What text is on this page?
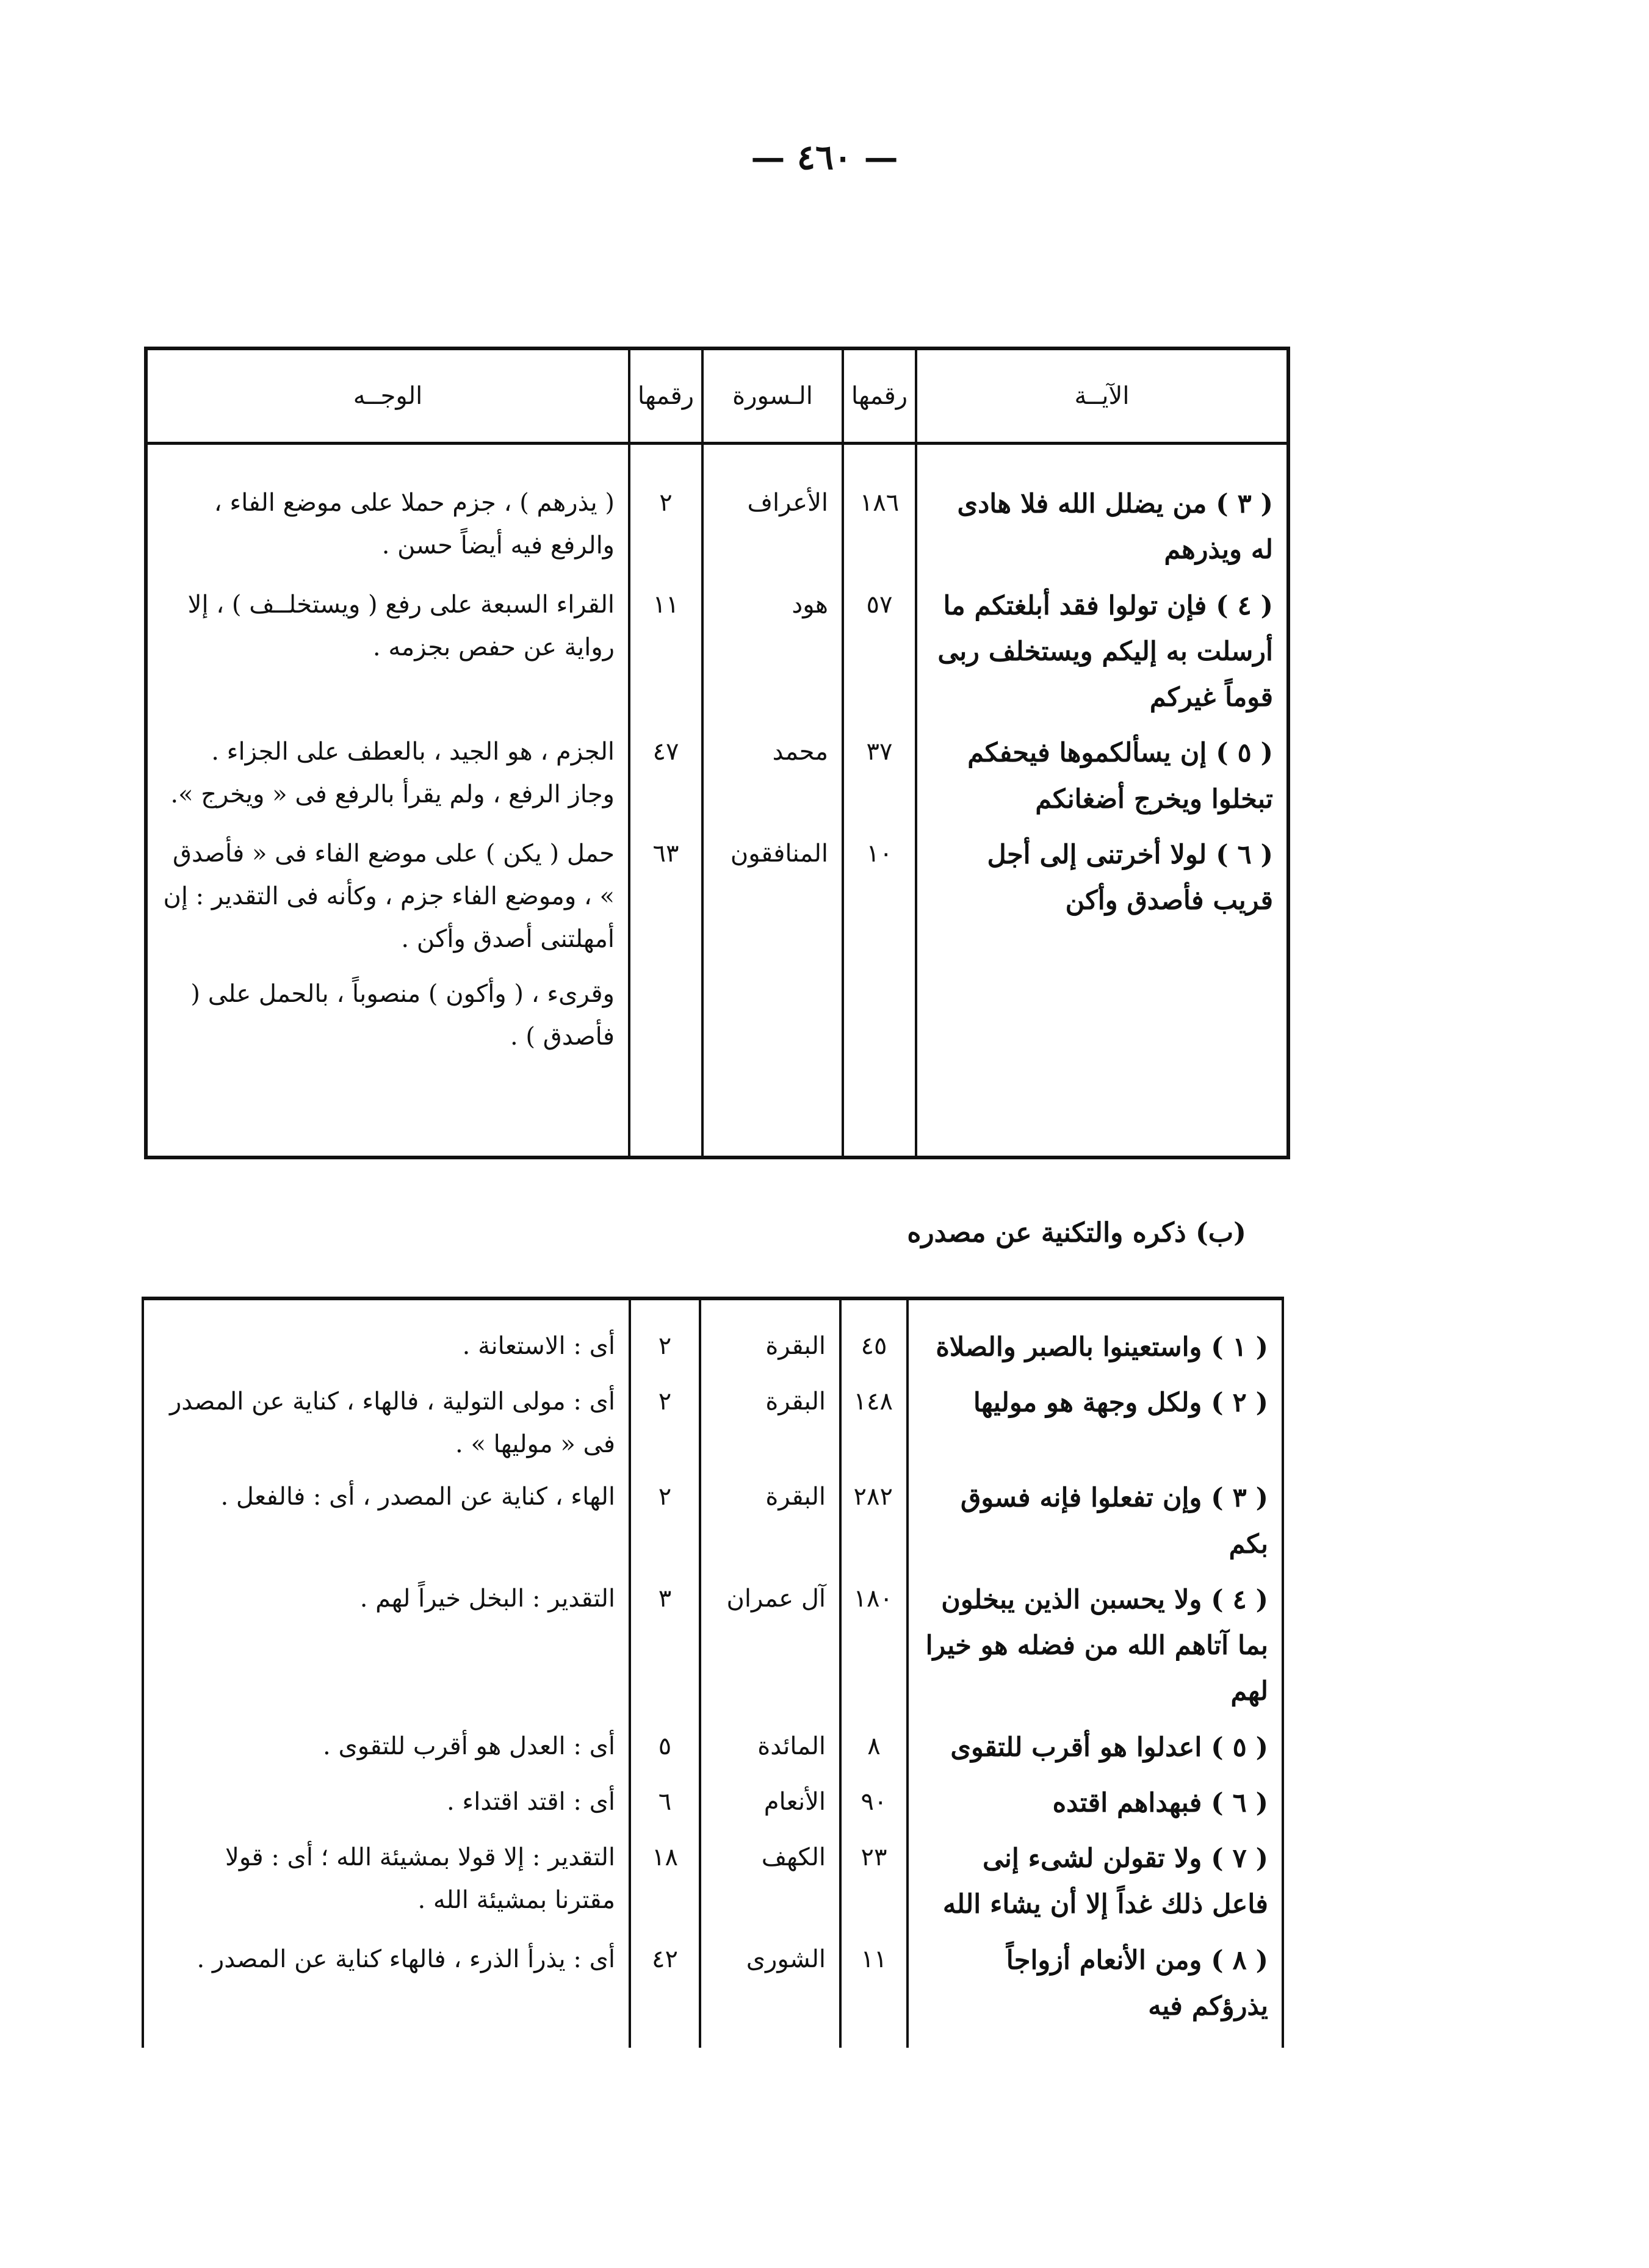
— ٤٦٠ —
الآيــة	رقمها	الـسورة	رقمها	الوجــه
( ٣ ) من يضلل الله فلا هادى له ويذرهم	١٨٦	الأعراف	٢	( يذرهم ) ، جزم حملا على موضع الفاء ، والرفع فيه أيضاً حسن .
( ٤ ) فإن تولوا فقد أبلغتكم ما أرسلت به إليكم ويستخلف ربى قوماً غيركم	٥٧	هود	١١	القراء السبعة على رفع ( ويستخلــف ) ، إلا رواية عن حفص بجزمه .
( ٥ ) إن يسألكموها فيحفكم تبخلوا ويخرج أضغانكم	٣٧	محمد	٤٧	الجزم ، هو الجيد ، بالعطف على الجزاء . وجاز الرفع ، ولم يقرأ بالرفع فى « ويخرج ».
( ٦ ) لولا أخرتنى إلى أجل قريب فأصدق وأكن	١٠	المنافقون	٦٣	حمل ( يكن ) على موضع الفاء فى « فأصدق » ، وموضع الفاء جزم ، وكأنه فى التقدير : إن أمهلتنى أصدق وأكن .
وقرىء ، ( وأكون ) منصوباً ، بالحمل على ( فأصدق ) .
(ب) ذكره والتكنية عن مصدره
( ١ ) واستعينوا بالصبر والصلاة	٤٥	البقرة	٢	أى : الاستعانة .
( ٢ ) ولكل وجهة هو موليها	١٤٨	البقرة	٢	أى : مولى التولية ، فالهاء ، كناية عن المصدر فى « موليها » .
( ٣ ) وإن تفعلوا فإنه فسوق بكم	٢٨٢	البقرة	٢	الهاء ، كناية عن المصدر ، أى : فالفعل .
( ٤ ) ولا يحسبن الذين يبخلون بما آتاهم الله من فضله هو خيرا لهم	١٨٠	آل عمران	٣	التقدير : البخل خيراً لهم .
( ٥ ) اعدلوا هو أقرب للتقوى	٨	المائدة	٥	أى : العدل هو أقرب للتقوى .
( ٦ ) فبهداهم اقتده	٩٠	الأنعام	٦	أى : اقتد اقتداء .
( ٧ ) ولا تقولن لشىء إنى فاعل ذلك غداً إلا أن يشاء الله	٢٣	الكهف	١٨	التقدير : إلا قولا بمشيئة الله ؛ أى : قولا مقترنا بمشيئة الله .
( ٨ ) ومن الأنعام أزواجاً يذرؤكم فيه	١١	الشورى	٤٢	أى : يذرأ الذرء ، فالهاء كناية عن المصدر .
